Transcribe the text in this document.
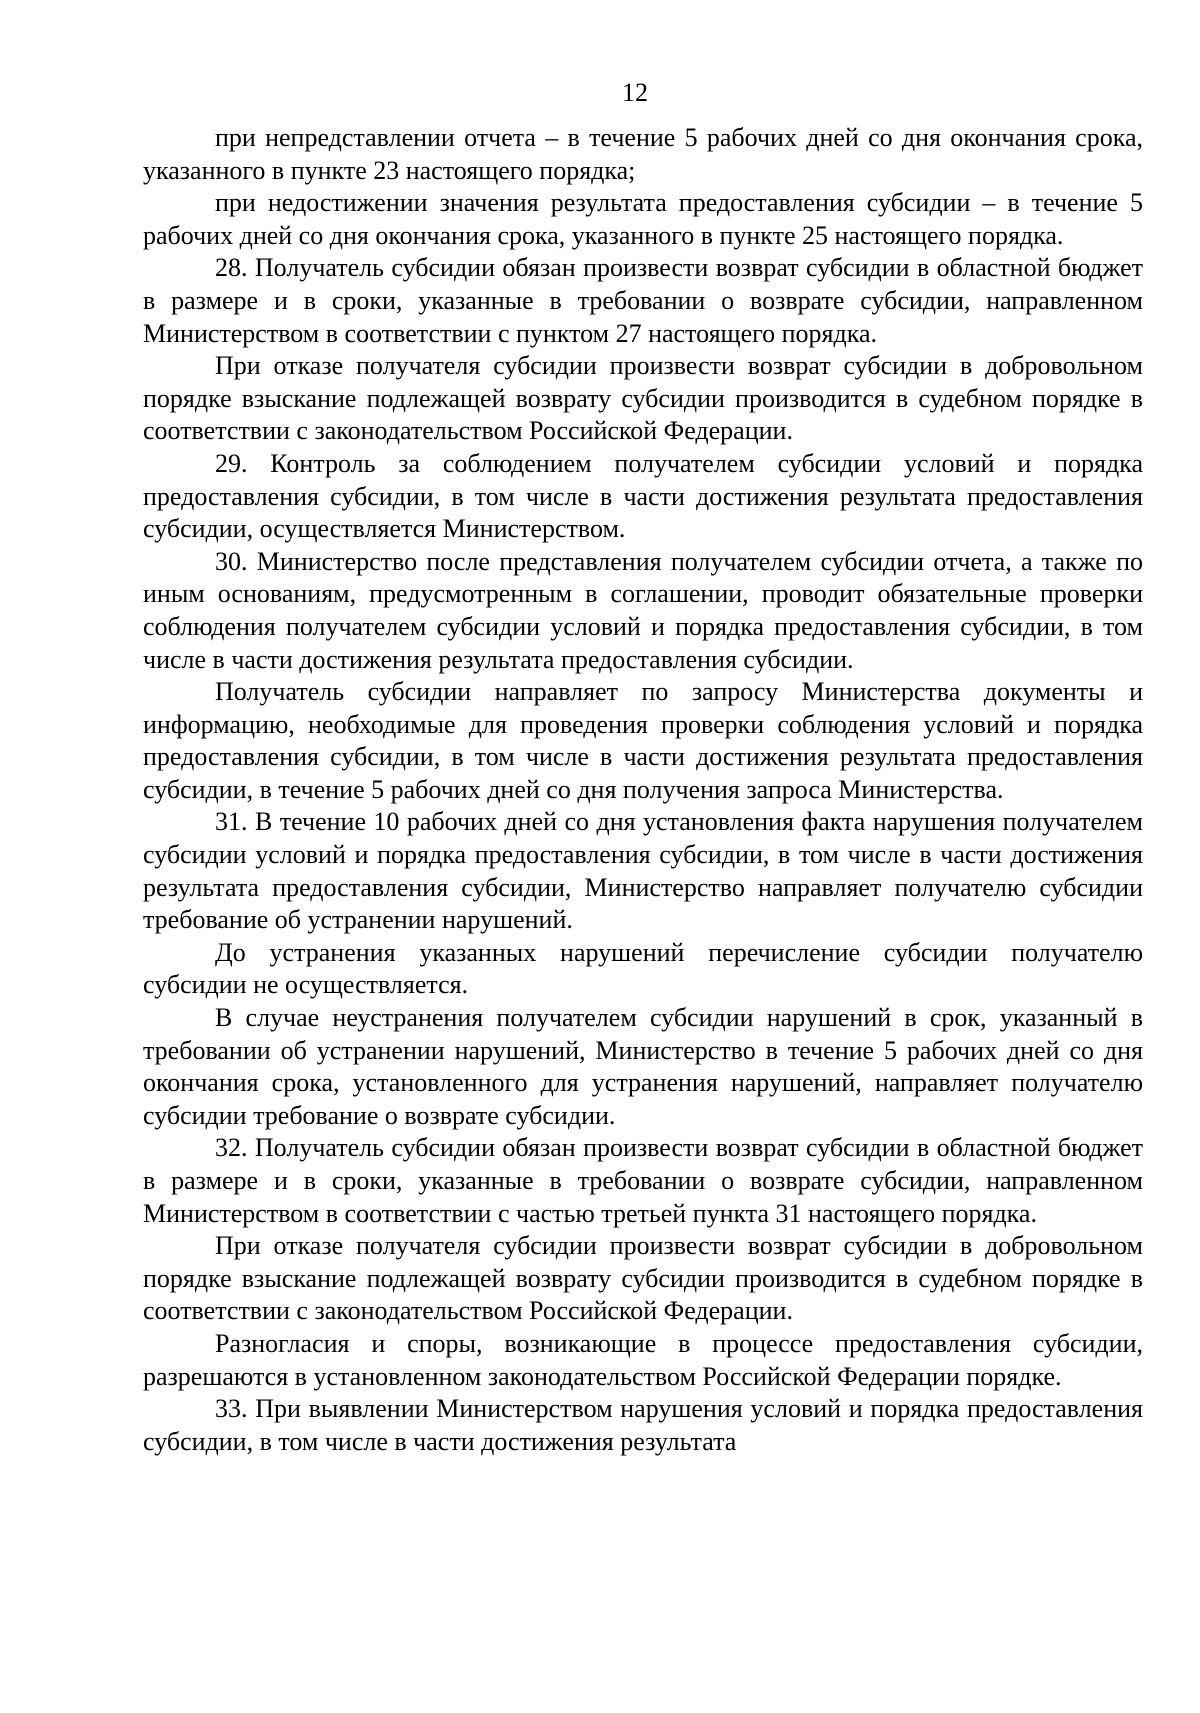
12

при непредставлении отчета – в течение 5 рабочих дней со дня окончания срока, указанного в пункте 23 настоящего порядка;

при недостижении значения результата предоставления субсидии – в течение 5 рабочих дней со дня окончания срока, указанного в пункте 25 настоящего порядка.

28. Получатель субсидии обязан произвести возврат субсидии в областной бюджет в размере и в сроки, указанные в требовании о возврате субсидии, направленном Министерством в соответствии с пунктом 27 настоящего порядка.

При отказе получателя субсидии произвести возврат субсидии в добровольном порядке взыскание подлежащей возврату субсидии производится в судебном порядке в соответствии с законодательством Российской Федерации.

29. Контроль за соблюдением получателем субсидии условий и порядка предоставления субсидии, в том числе в части достижения результата предоставления субсидии, осуществляется Министерством.

30. Министерство после представления получателем субсидии отчета, а также по иным основаниям, предусмотренным в соглашении, проводит обязательные проверки соблюдения получателем субсидии условий и порядка предоставления субсидии, в том числе в части достижения результата предоставления субсидии.

Получатель субсидии направляет по запросу Министерства документы и информацию, необходимые для проведения проверки соблюдения условий и порядка предоставления субсидии, в том числе в части достижения результата предоставления субсидии, в течение 5 рабочих дней со дня получения запроса Министерства.

31. В течение 10 рабочих дней со дня установления факта нарушения получателем субсидии условий и порядка предоставления субсидии, в том числе в части достижения результата предоставления субсидии, Министерство направляет получателю субсидии требование об устранении нарушений.

До устранения указанных нарушений перечисление субсидии получателю субсидии не осуществляется.

В случае неустранения получателем субсидии нарушений в срок, указанный в требовании об устранении нарушений, Министерство в течение 5 рабочих дней со дня окончания срока, установленного для устранения нарушений, направляет получателю субсидии требование о возврате субсидии.

32. Получатель субсидии обязан произвести возврат субсидии в областной бюджет в размере и в сроки, указанные в требовании о возврате субсидии, направленном Министерством в соответствии с частью третьей пункта 31 настоящего порядка.

При отказе получателя субсидии произвести возврат субсидии в добровольном порядке взыскание подлежащей возврату субсидии производится в судебном порядке в соответствии с законодательством Российской Федерации.

Разногласия и споры, возникающие в процессе предоставления субсидии, разрешаются в установленном законодательством Российской Федерации порядке.

33. При выявлении Министерством нарушения условий и порядка предоставления субсидии, в том числе в части достижения результата
